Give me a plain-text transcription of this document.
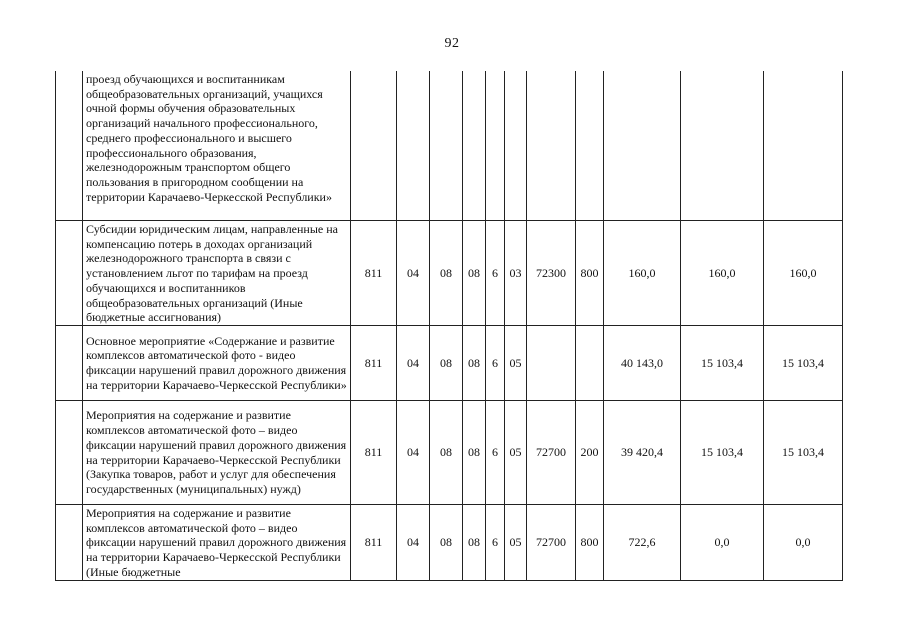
92
	проезд обучающихся и воспитанникам общеобразовательных организаций, учащихся очной формы обучения образовательных организаций начального профессионального, среднего профессионального и высшего профессионального образования, железнодорожным транспортом общего пользования в пригородном сообщении на территории Карачаево-Черкесской Республики»											
	Субсидии юридическим лицам, направленные на компенсацию потерь в доходах организаций железнодорожного транспорта в связи с установлением льгот по тарифам на проезд обучающихся и воспитанников общеобразовательных организаций (Иные бюджетные ассигнования)	811	04	08	08	6	03	72300	800	160,0	160,0	160,0
	Основное мероприятие «Содержание и развитие комплексов автоматической фото - видео фиксации нарушений правил дорожного движения на территории Карачаево-Черкесской Республики»	811	04	08	08	6	05			40 143,0	15 103,4	15 103,4
	Мероприятия на содержание и развитие комплексов автоматической фото – видео фиксации нарушений правил дорожного движения на территории Карачаево-Черкесской Республики (Закупка товаров, работ и услуг для обеспечения государственных (муниципальных) нужд)	811	04	08	08	6	05	72700	200	39 420,4	15 103,4	15 103,4
	Мероприятия на содержание и развитие комплексов автоматической фото – видео фиксации нарушений правил дорожного движения на территории Карачаево-Черкесской Республики (Иные бюджетные	811	04	08	08	6	05	72700	800	722,6	0,0	0,0
